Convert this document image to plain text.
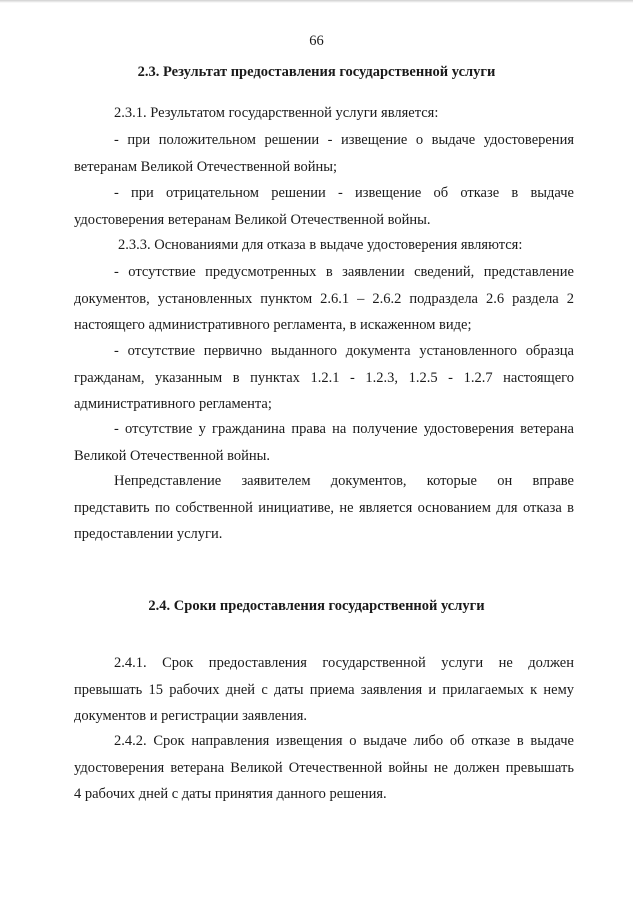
66
2.3. Результат предоставления государственной услуги
2.3.1. Результатом государственной услуги является:
- при положительном решении - извещение о выдаче удостоверения
ветеранам Великой Отечественной войны;
- при отрицательном решении - извещение об отказе в выдаче
удостоверения ветеранам Великой Отечественной войны.
2.3.3. Основаниями для отказа в выдаче удостоверения являются:
- отсутствие предусмотренных в заявлении сведений, представление
документов, установленных пунктом 2.6.1 – 2.6.2 подраздела 2.6 раздела 2
настоящего административного регламента, в искаженном виде;
- отсутствие первично выданного документа установленного образца
гражданам, указанным в пунктах 1.2.1 - 1.2.3, 1.2.5 - 1.2.7 настоящего
административного регламента;
- отсутствие у гражданина права на получение удостоверения ветерана
Великой Отечественной войны.
Непредставление заявителем документов, которые он вправе
представить по собственной инициативе, не является основанием для отказа в
предоставлении услуги.
2.4. Сроки предоставления государственной услуги
2.4.1. Срок предоставления государственной услуги не должен
превышать 15 рабочих дней с даты приема заявления и прилагаемых к нему
документов и регистрации заявления.
2.4.2. Срок направления извещения о выдаче либо об отказе в выдаче
удостоверения ветерана Великой Отечественной войны не должен превышать
4 рабочих дней с даты принятия данного решения.
